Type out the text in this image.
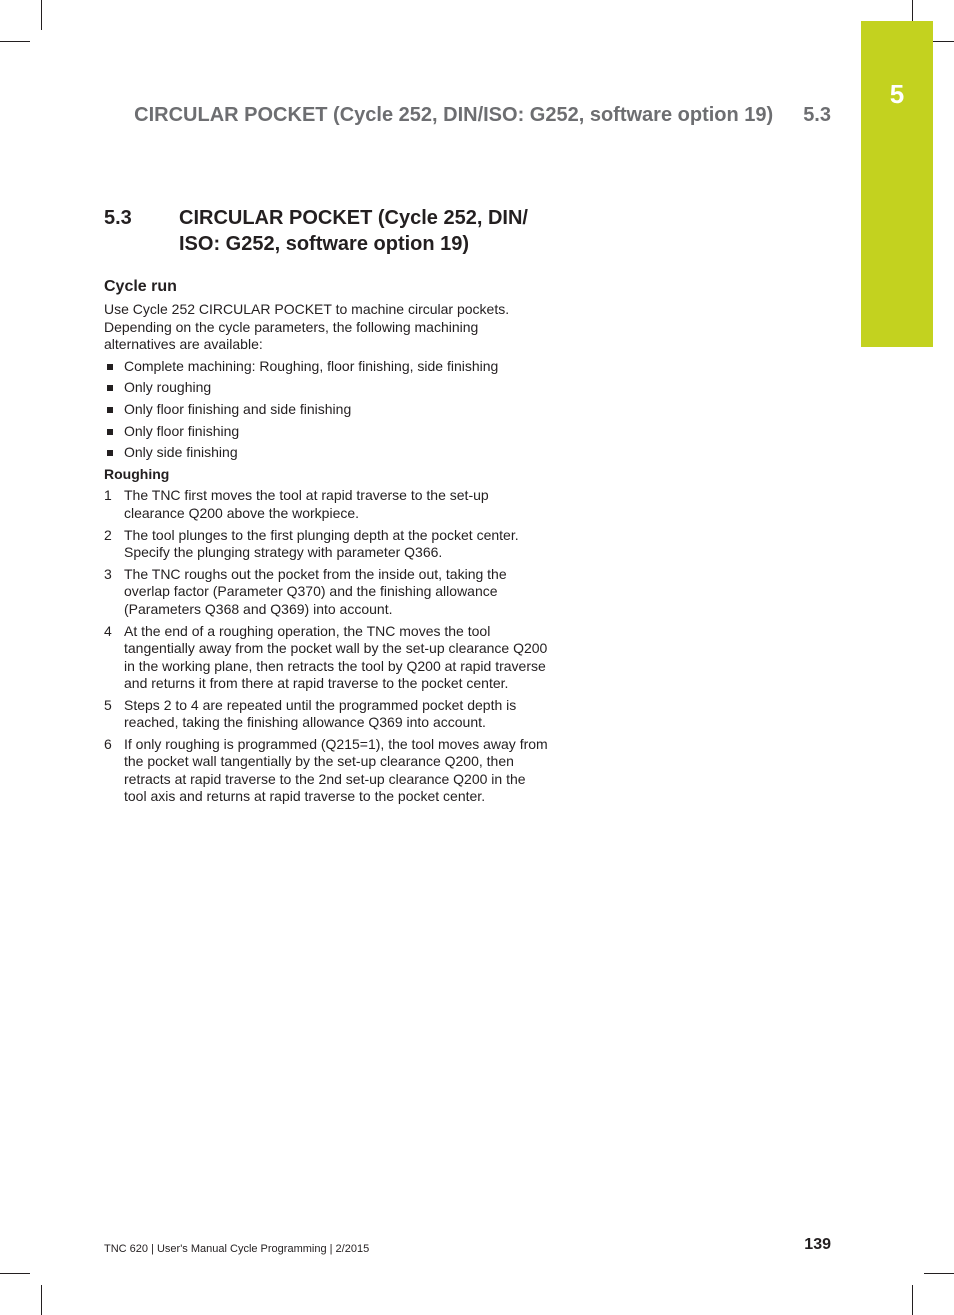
5
CIRCULAR POCKET (Cycle 252, DIN/ISO: G252, software option 19) 5.3
5.3	CIRCULAR POCKET (Cycle 252, DIN/ ISO: G252, software option 19)
Cycle run

Use Cycle 252 CIRCULAR POCKET to machine circular pockets. Depending on the cycle parameters, the following machining alternatives are available:

Complete machining: Roughing, floor finishing, side finishing
Only roughing
Only floor finishing and side finishing
Only floor finishing
Only side finishing
Roughing
1 The TNC first moves the tool at rapid traverse to the set-up clearance Q200 above the workpiece.
2 The tool plunges to the first plunging depth at the pocket center. Specify the plunging strategy with parameter Q366.
3 The TNC roughs out the pocket from the inside out, taking the overlap factor (Parameter Q370) and the finishing allowance (Parameters Q368 and Q369) into account.
4 At the end of a roughing operation, the TNC moves the tool tangentially away from the pocket wall by the set-up clearance Q200 in the working plane, then retracts the tool by Q200 at rapid traverse and returns it from there at rapid traverse to the pocket center.
5 Steps 2 to 4 are repeated until the programmed pocket depth is reached, taking the finishing allowance Q369 into account.
6 If only roughing is programmed (Q215=1), the tool moves away from the pocket wall tangentially by the set-up clearance Q200, then retracts at rapid traverse to the 2nd set-up clearance Q200 in the tool axis and returns at rapid traverse to the pocket center.
TNC 620 | User's Manual Cycle Programming | 2/2015	139
